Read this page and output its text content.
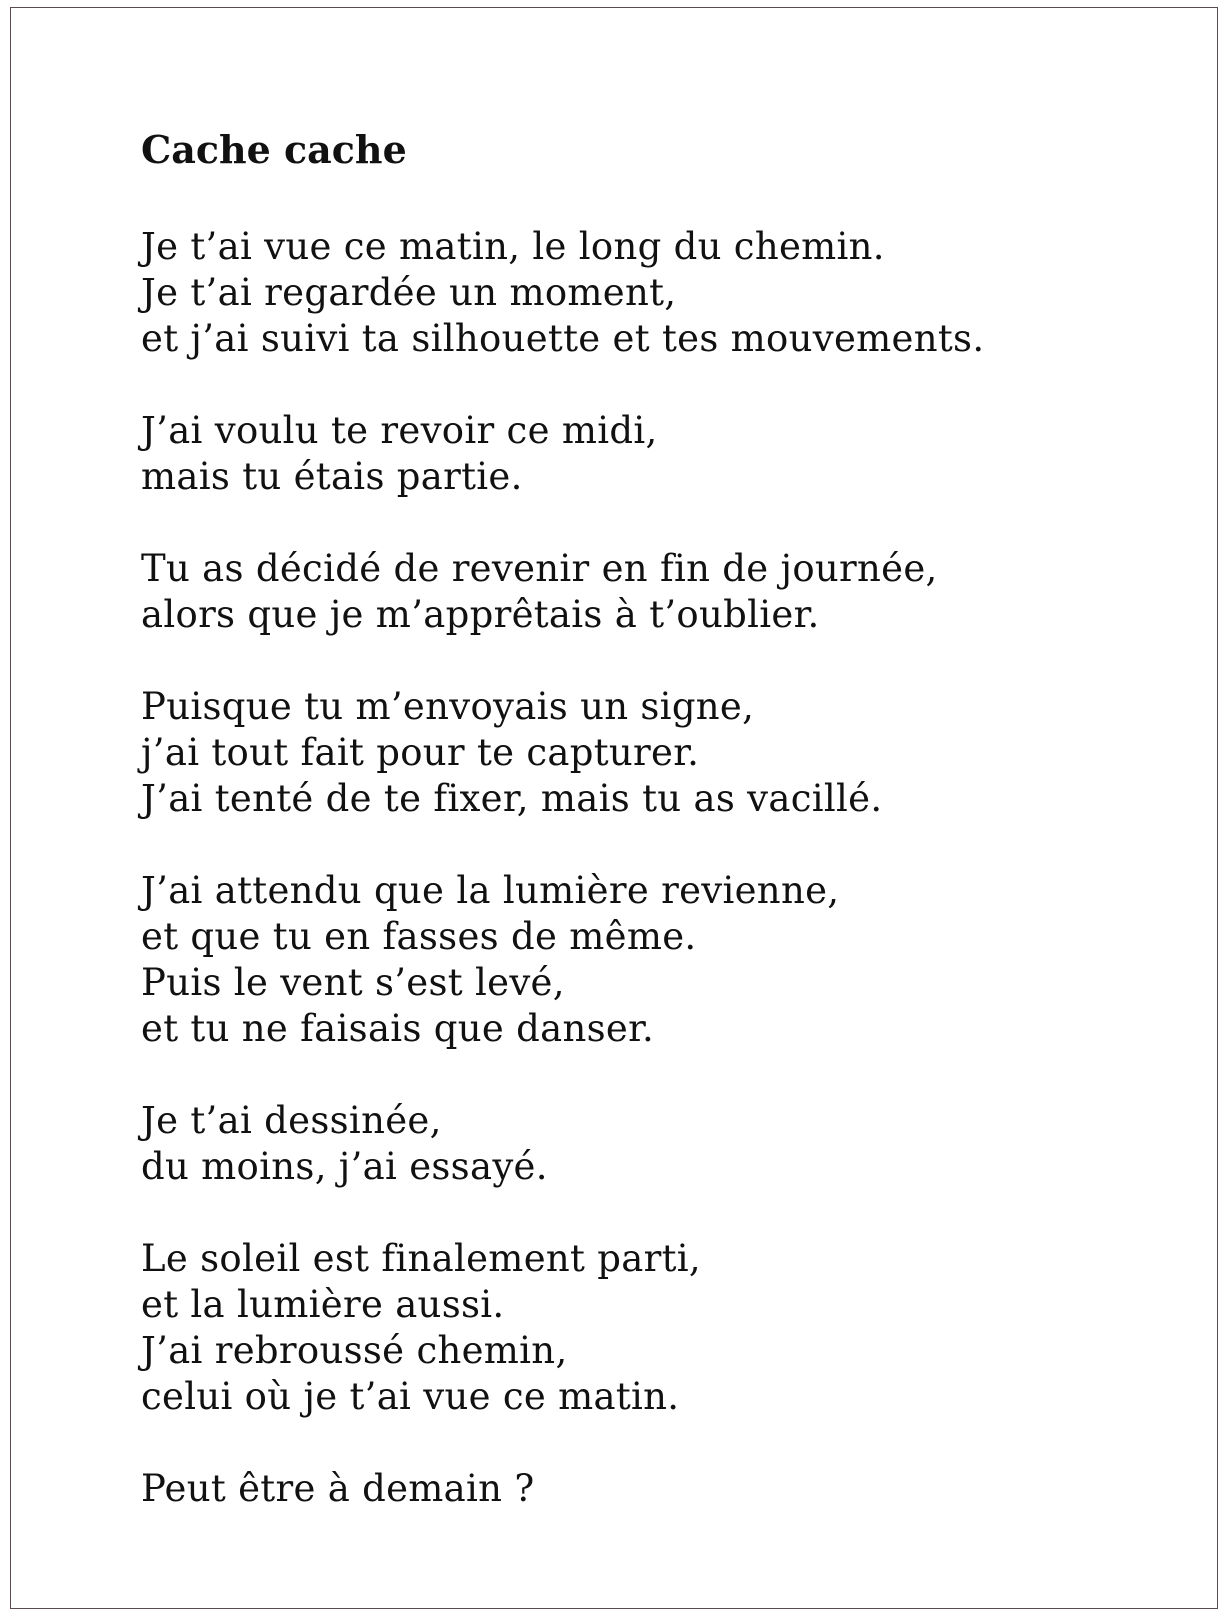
Cache cache
Je t’ai vue ce matin, le long du chemin.
Je t’ai regardée un moment,
et j’ai suivi ta silhouette et tes mouvements.
J’ai voulu te revoir ce midi,
mais tu étais partie.
Tu as décidé de revenir en fin de journée,
alors que je m’apprêtais à t’oublier.
Puisque tu m’envoyais un signe,
j’ai tout fait pour te capturer.
J’ai tenté de te fixer, mais tu as vacillé.
J’ai attendu que la lumière revienne,
et que tu en fasses de même.
Puis le vent s’est levé,
et tu ne faisais que danser.
Je t’ai dessinée,
du moins, j’ai essayé.
Le soleil est finalement parti,
et la lumière aussi.
J’ai rebroussé chemin,
celui où je t’ai vue ce matin.
Peut être à demain ?
